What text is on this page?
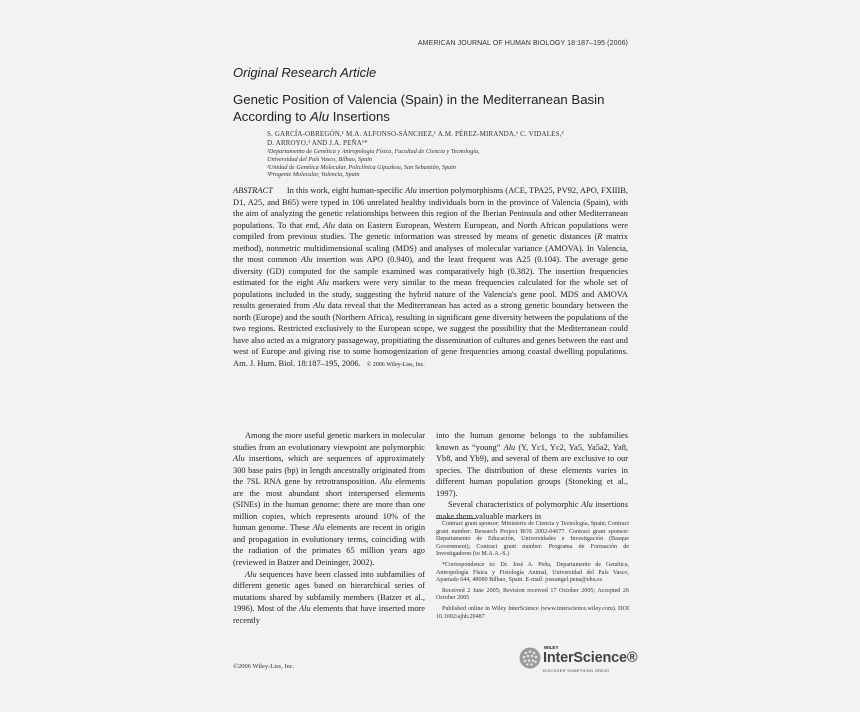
AMERICAN JOURNAL OF HUMAN BIOLOGY 18:187–195 (2006)
Original Research Article
Genetic Position of Valencia (Spain) in the Mediterranean Basin
According to Alu Insertions
S. GARCÍA-OBREGÓN,¹ M.A. ALFONSO-SÁNCHEZ,¹ A.M. PÉREZ-MIRANDA,¹ C. VIDALES,²
D. ARROYO,³ AND J.A. PEÑA¹*
¹Departamento de Genética y Antropología Física, Facultad de Ciencia y Tecnología,
Universidad del País Vasco, Bilbao, Spain
²Unidad de Genética Molecular, Policlínica Gipuzkoa, San Sebastián, Spain
³Progenie Molecular, Valencia, Spain
ABSTRACT In this work, eight human-specific Alu insertion polymorphisms (ACE, TPA25, PV92, APO, FXIIIB, D1, A25, and B65) were typed in 106 unrelated healthy individuals born in the province of Valencia (Spain), with the aim of analyzing the genetic relationships between this region of the Iberian Peninsula and other Mediterranean populations. To that end, Alu data on Eastern European, Western European, and North African populations were compiled from previous studies. The genetic information was stressed by means of genetic distances (R matrix method), nonmetric multidimensional scaling (MDS) and analyses of molecular variance (AMOVA). In Valencia, the most common Alu insertion was APO (0.940), and the least frequent was A25 (0.104). The average gene diversity (GD) computed for the sample examined was comparatively high (0.382). The insertion frequencies estimated for the eight Alu markers were very similar to the mean frequencies calculated for the whole set of populations included in the study, suggesting the hybrid nature of the Valencia's gene pool. MDS and AMOVA results generated from Alu data reveal that the Mediterranean has acted as a strong genetic boundary between the north (Europe) and the south (Northern Africa), resulting in significant gene diversity between the populations of the two regions. Restricted exclusively to the European scope, we suggest the possibility that the Mediterranean could have also acted as a migratory passageway, propitiating the dissemination of cultures and genes between the east and west of Europe and giving rise to some homogenization of gene frequencies among coastal dwelling populations. Am. J. Hum. Biol. 18:187–195, 2006. © 2006 Wiley-Liss, Inc.

Among the more useful genetic markers in molecular studies from an evolutionary viewpoint are polymorphic Alu insertions, which are sequences of approximately 300 base pairs (bp) in length ancestrally originated from the 7SL RNA gene by retrotransposition. Alu elements are the most abundant short interspersed elements (SINEs) in the human genome: there are more than one million copies, which represents around 10% of the human genome. These Alu elements are recent in origin and propagation in evolutionary terms, coinciding with the radiation of the primates 65 million years ago (reviewed in Batzer and Deininger, 2002).

Alu sequences have been classed into subfamilies of different genetic ages based on hierarchical series of mutations shared by subfamily members (Batzer et al., 1996). Most of the Alu elements that have inserted more recently

into the human genome belongs to the subfamilies known as “young” Alu (Y, Yc1, Yc2, Ya5, Ya5a2, Ya8, Yb8, and Yb9), and several of them are exclusive to our species. The distribution of these elements varies in different human population groups (Stoneking et al., 1997).

Several characteristics of polymorphic Alu insertions make them valuable markers in

Contract grant sponsor: Ministerio de Ciencia y Tecnología, Spain; Contract grant number: Research Project BOS 2002-04677. Contract grant sponsor: Departamento de Educación, Universidades e Investigación (Basque Government); Contract grant number: Programa de Formación de Investigadores (to M.A.A.-S.)

*Correspondence to: Dr. José A. Peña, Departamento de Genética, Antropología Física y Fisiología Animal, Universidad del País Vasco, Apartado 644, 48080 Bilbao, Spain. E-mail: joseangel.pena@ehu.es

Received 2 June 2005; Revision received 17 October 2005; Accepted 26 October 2005

Published online in Wiley InterScience (www.interscience.wiley.com). DOI 10.1002/ajhb.20487

©2006 Wiley-Liss, Inc.
WILEY
InterScience®
DISCOVER SOMETHING GREAT
